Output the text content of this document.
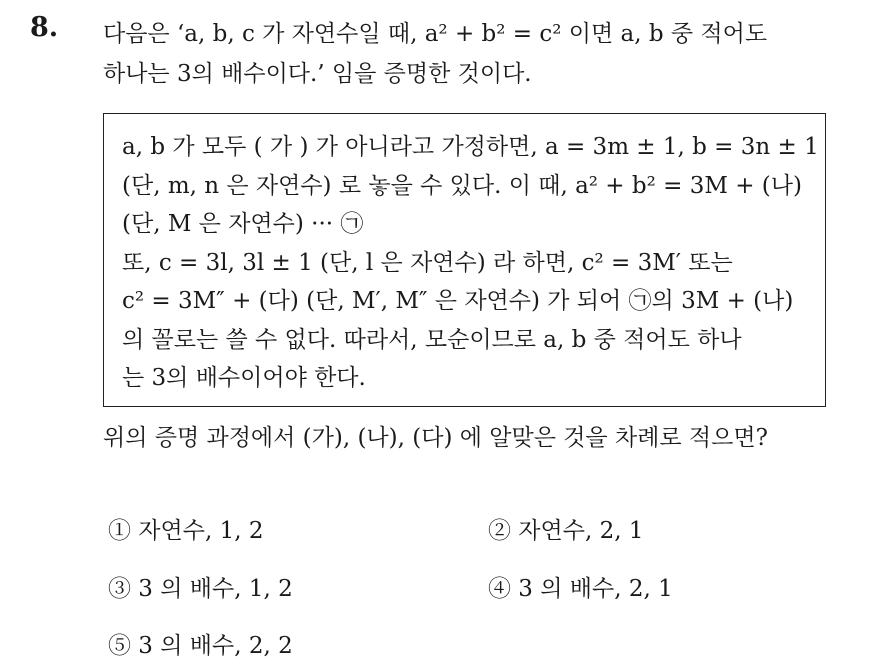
8. 다음은 ‘a, b, c 가 자연수일 때, a² + b² = c² 이면 a, b 중 적어도
하나는 3의 배수이다.’ 임을 증명한 것이다.
a, b 가 모두 ( 가 ) 가 아니라고 가정하면, a = 3m ± 1, b = 3n ± 1
(단, m, n 은 자연수) 로 놓을 수 있다. 이 때, a² + b² = 3M + (나)
(단, M 은 자연수) ··· ㉠
또, c = 3l, 3l ± 1 (단, l 은 자연수) 라 하면, c² = 3M′ 또는
c² = 3M″ + (다) (단, M′, M″ 은 자연수) 가 되어 ㉠의 3M + (나)
의 꼴로는 쓸 수 없다. 따라서, 모순이므로 a, b 중 적어도 하나
는 3의 배수이어야 한다.
위의 증명 과정에서 (가), (나), (다) 에 알맞은 것을 차례로 적으면?
① 자연수, 1, 2	② 자연수, 2, 1
③ 3 의 배수, 1, 2	④ 3 의 배수, 2, 1
⑤ 3 의 배수, 2, 2
